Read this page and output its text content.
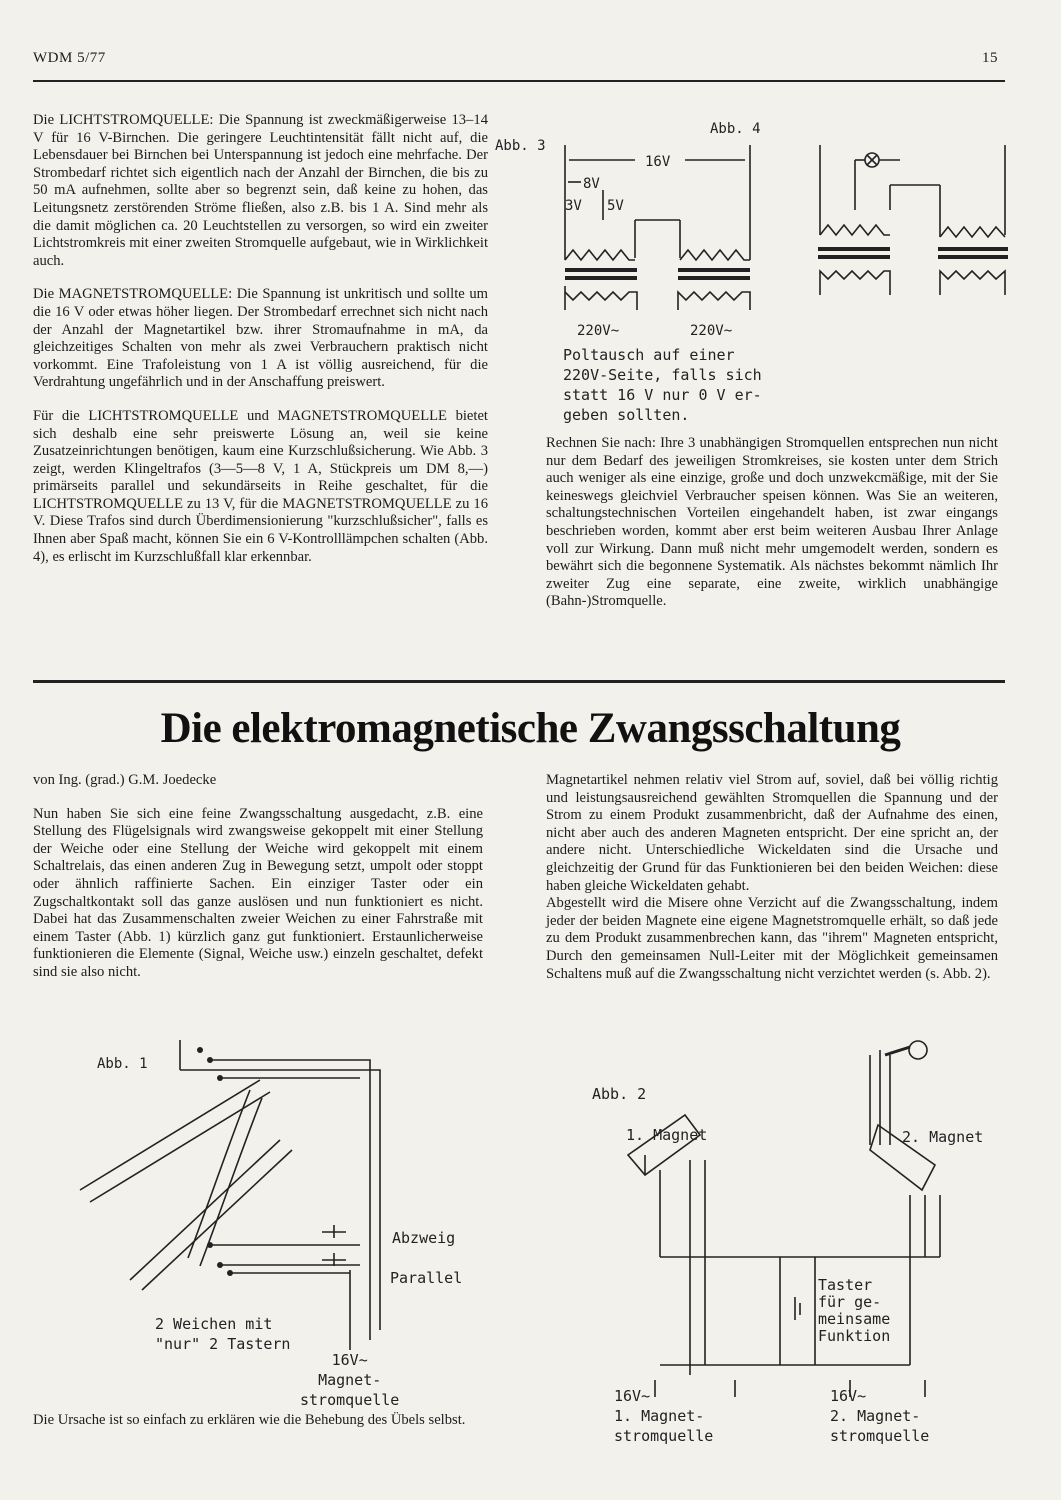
WDM 5/77	15

Die LICHTSTROMQUELLE: Die Spannung ist zweckmäßigerweise 13–14 V für 16 V-Birnchen. Die geringere Leuchtintensität fällt nicht auf, die Lebensdauer bei Birnchen bei Unterspannung ist jedoch eine mehrfache. Der Strombedarf richtet sich eigentlich nach der Anzahl der Birnchen, die bis zu 50 mA aufnehmen, sollte aber so begrenzt sein, daß keine zu hohen, das Leitungsnetz zerstörenden Ströme fließen, also z.B. bis 1 A. Sind mehr als die damit möglichen ca. 20 Leuchtstellen zu versorgen, so wird ein zweiter Lichtstromkreis mit einer zweiten Stromquelle aufgebaut, wie in Wirklichkeit auch.

Die MAGNETSTROMQUELLE: Die Spannung ist unkritisch und sollte um die 16 V oder etwas höher liegen. Der Strombedarf errechnet sich nicht nach der Anzahl der Magnetartikel bzw. ihrer Stromaufnahme in mA, da gleichzeitiges Schalten von mehr als zwei Verbrauchern praktisch nicht vorkommt. Eine Trafoleistung von 1 A ist völlig ausreichend, für die Verdrahtung ungefährlich und in der Anschaffung preiswert.

Für die LICHTSTROMQUELLE und MAGNETSTROMQUELLE bietet sich deshalb eine sehr preiswerte Lösung an, weil sie keine Zusatzeinrichtungen benötigen, kaum eine Kurzschlußsicherung. Wie Abb. 3 zeigt, werden Klingeltrafos (3—5—8 V, 1 A, Stückpreis um DM 8,—) primärseits parallel und sekundärseits in Reihe geschaltet, für die LICHTSTROMQUELLE zu 13 V, für die MAGNETSTROMQUELLE zu 16 V. Diese Trafos sind durch Überdimensionierung "kurzschlußsicher", falls es Ihnen aber Spaß macht, können Sie ein 6 V-Kontrolllämpchen schalten (Abb. 4), es erlischt im Kurzschlußfall klar erkennbar.

Abb. 3
16V
8V
3V 5V
220V~	220V~
Poltausch auf einer
220V-Seite, falls sich
statt 16 V nur 0 V er-
geben sollten.
Abb. 4

Rechnen Sie nach: Ihre 3 unabhängigen Stromquellen entsprechen nun nicht nur dem Bedarf des jeweiligen Stromkreises, sie kosten unter dem Strich auch weniger als eine einzige, große und doch unzwekcmäßige, mit der Sie keineswegs gleichviel Verbraucher speisen können. Was Sie an weiteren, schaltungstechnischen Vorteilen eingehandelt haben, ist zwar eingangs beschrieben worden, kommt aber erst beim weiteren Ausbau Ihrer Anlage voll zur Wirkung. Dann muß nicht mehr umgemodelt werden, sondern es bewährt sich die begonnene Systematik. Als nächstes bekommt nämlich Ihr zweiter Zug eine separate, eine zweite, wirklich unabhängige (Bahn-)Stromquelle.

Die elektromagnetische Zwangsschaltung

von Ing. (grad.) G.M. Joedecke

Nun haben Sie sich eine feine Zwangsschaltung ausgedacht, z.B. eine Stellung des Flügelsignals wird zwangsweise gekoppelt mit einer Stellung der Weiche oder eine Stellung der Weiche wird gekoppelt mit einem Schaltrelais, das einen anderen Zug in Bewegung setzt, umpolt oder stoppt oder ähnlich raffinierte Sachen. Ein einziger Taster oder ein Zugschaltkontakt soll das ganze auslösen und nun funktioniert es nicht. Dabei hat das Zusammenschalten zweier Weichen zu einer Fahrstraße mit einem Taster (Abb. 1) kürzlich ganz gut funktioniert. Erstaunlicherweise funktionieren die Elemente (Signal, Weiche usw.) einzeln geschaltet, defekt sind sie also nicht.

Magnetartikel nehmen relativ viel Strom auf, soviel, daß bei völlig richtig und leistungsausreichend gewählten Stromquellen die Spannung und der Strom zu einem Produkt zusammenbricht, daß der Aufnahme des einen, nicht aber auch des anderen Magneten entspricht. Der eine spricht an, der andere nicht. Unterschiedliche Wickeldaten sind die Ursache und gleichzeitig der Grund für das Funktionieren bei den beiden Weichen: diese haben gleiche Wickeldaten gehabt.

Abgestellt wird die Misere ohne Verzicht auf die Zwangsschaltung, indem jeder der beiden Magnete eine eigene Magnetstromquelle erhält, so daß jede zu dem Produkt zusammenbrechen kann, das "ihrem" Magneten entspricht, Durch den gemeinsamen Null-Leiter mit der Möglichkeit gemeinsamen Schaltens muß auf die Zwangsschaltung nicht verzichtet werden (s. Abb. 2).

Abb. 1
Abzweig
Parallel
2 Weichen mit
"nur" 2 Tastern
16V~
Magnet-
stromquelle

Die Ursache ist so einfach zu erklären wie die Behebung des Übels selbst.

Abb. 2
1. Magnet	2. Magnet
Taster
für ge-
meinsame
Funktion
16V~
1. Magnet-
stromquelle
16V~
2. Magnet-
stromquelle
